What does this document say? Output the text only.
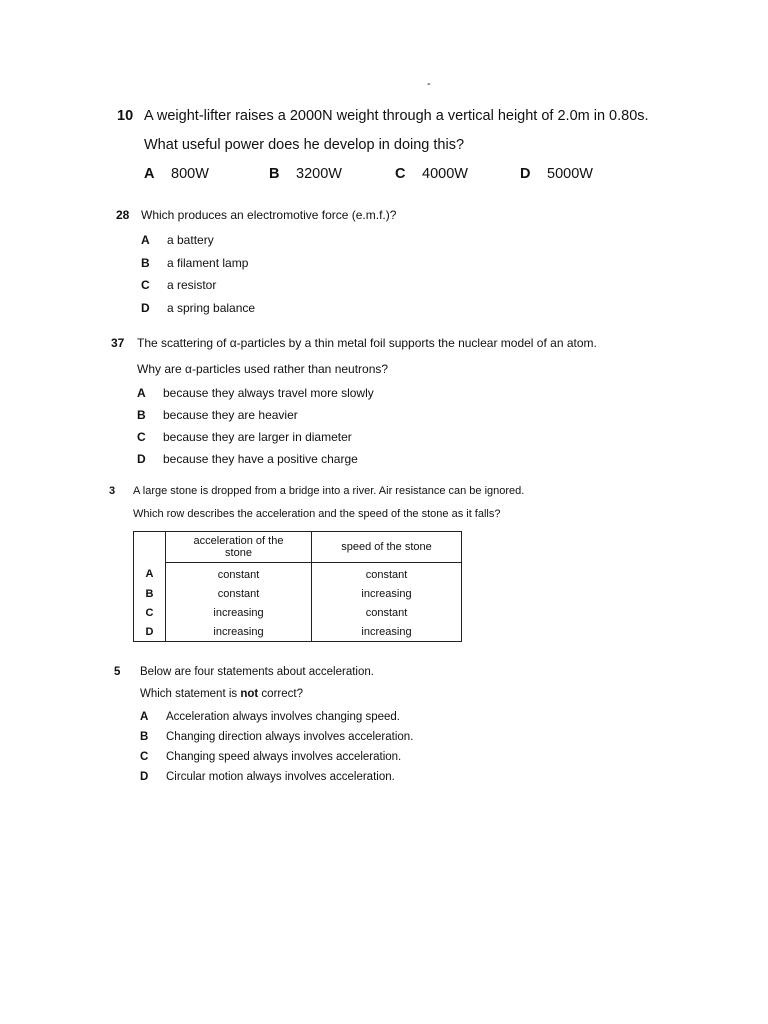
-
10 A weight-lifter raises a 2000N weight through a vertical height of 2.0m in 0.80s.
What useful power does he develop in doing this?
A 800W	B 3200W	C 4000W	D 5000W
28 Which produces an electromotive force (e.m.f.)?
A a battery
B a filament lamp
C a resistor
D a spring balance
37 The scattering of α-particles by a thin metal foil supports the nuclear model of an atom.
Why are α-particles used rather than neutrons?
A because they always travel more slowly
B because they are heavier
C because they are larger in diameter
D because they have a positive charge
3 A large stone is dropped from a bridge into a river. Air resistance can be ignored.
Which row describes the acceleration and the speed of the stone as it falls?
	acceleration of the stone	speed of the stone
A	constant	constant
B	constant	increasing
C	increasing	constant
D	increasing	increasing
5 Below are four statements about acceleration.
Which statement is not correct?
A Acceleration always involves changing speed.
B Changing direction always involves acceleration.
C Changing speed always involves acceleration.
D Circular motion always involves acceleration.
